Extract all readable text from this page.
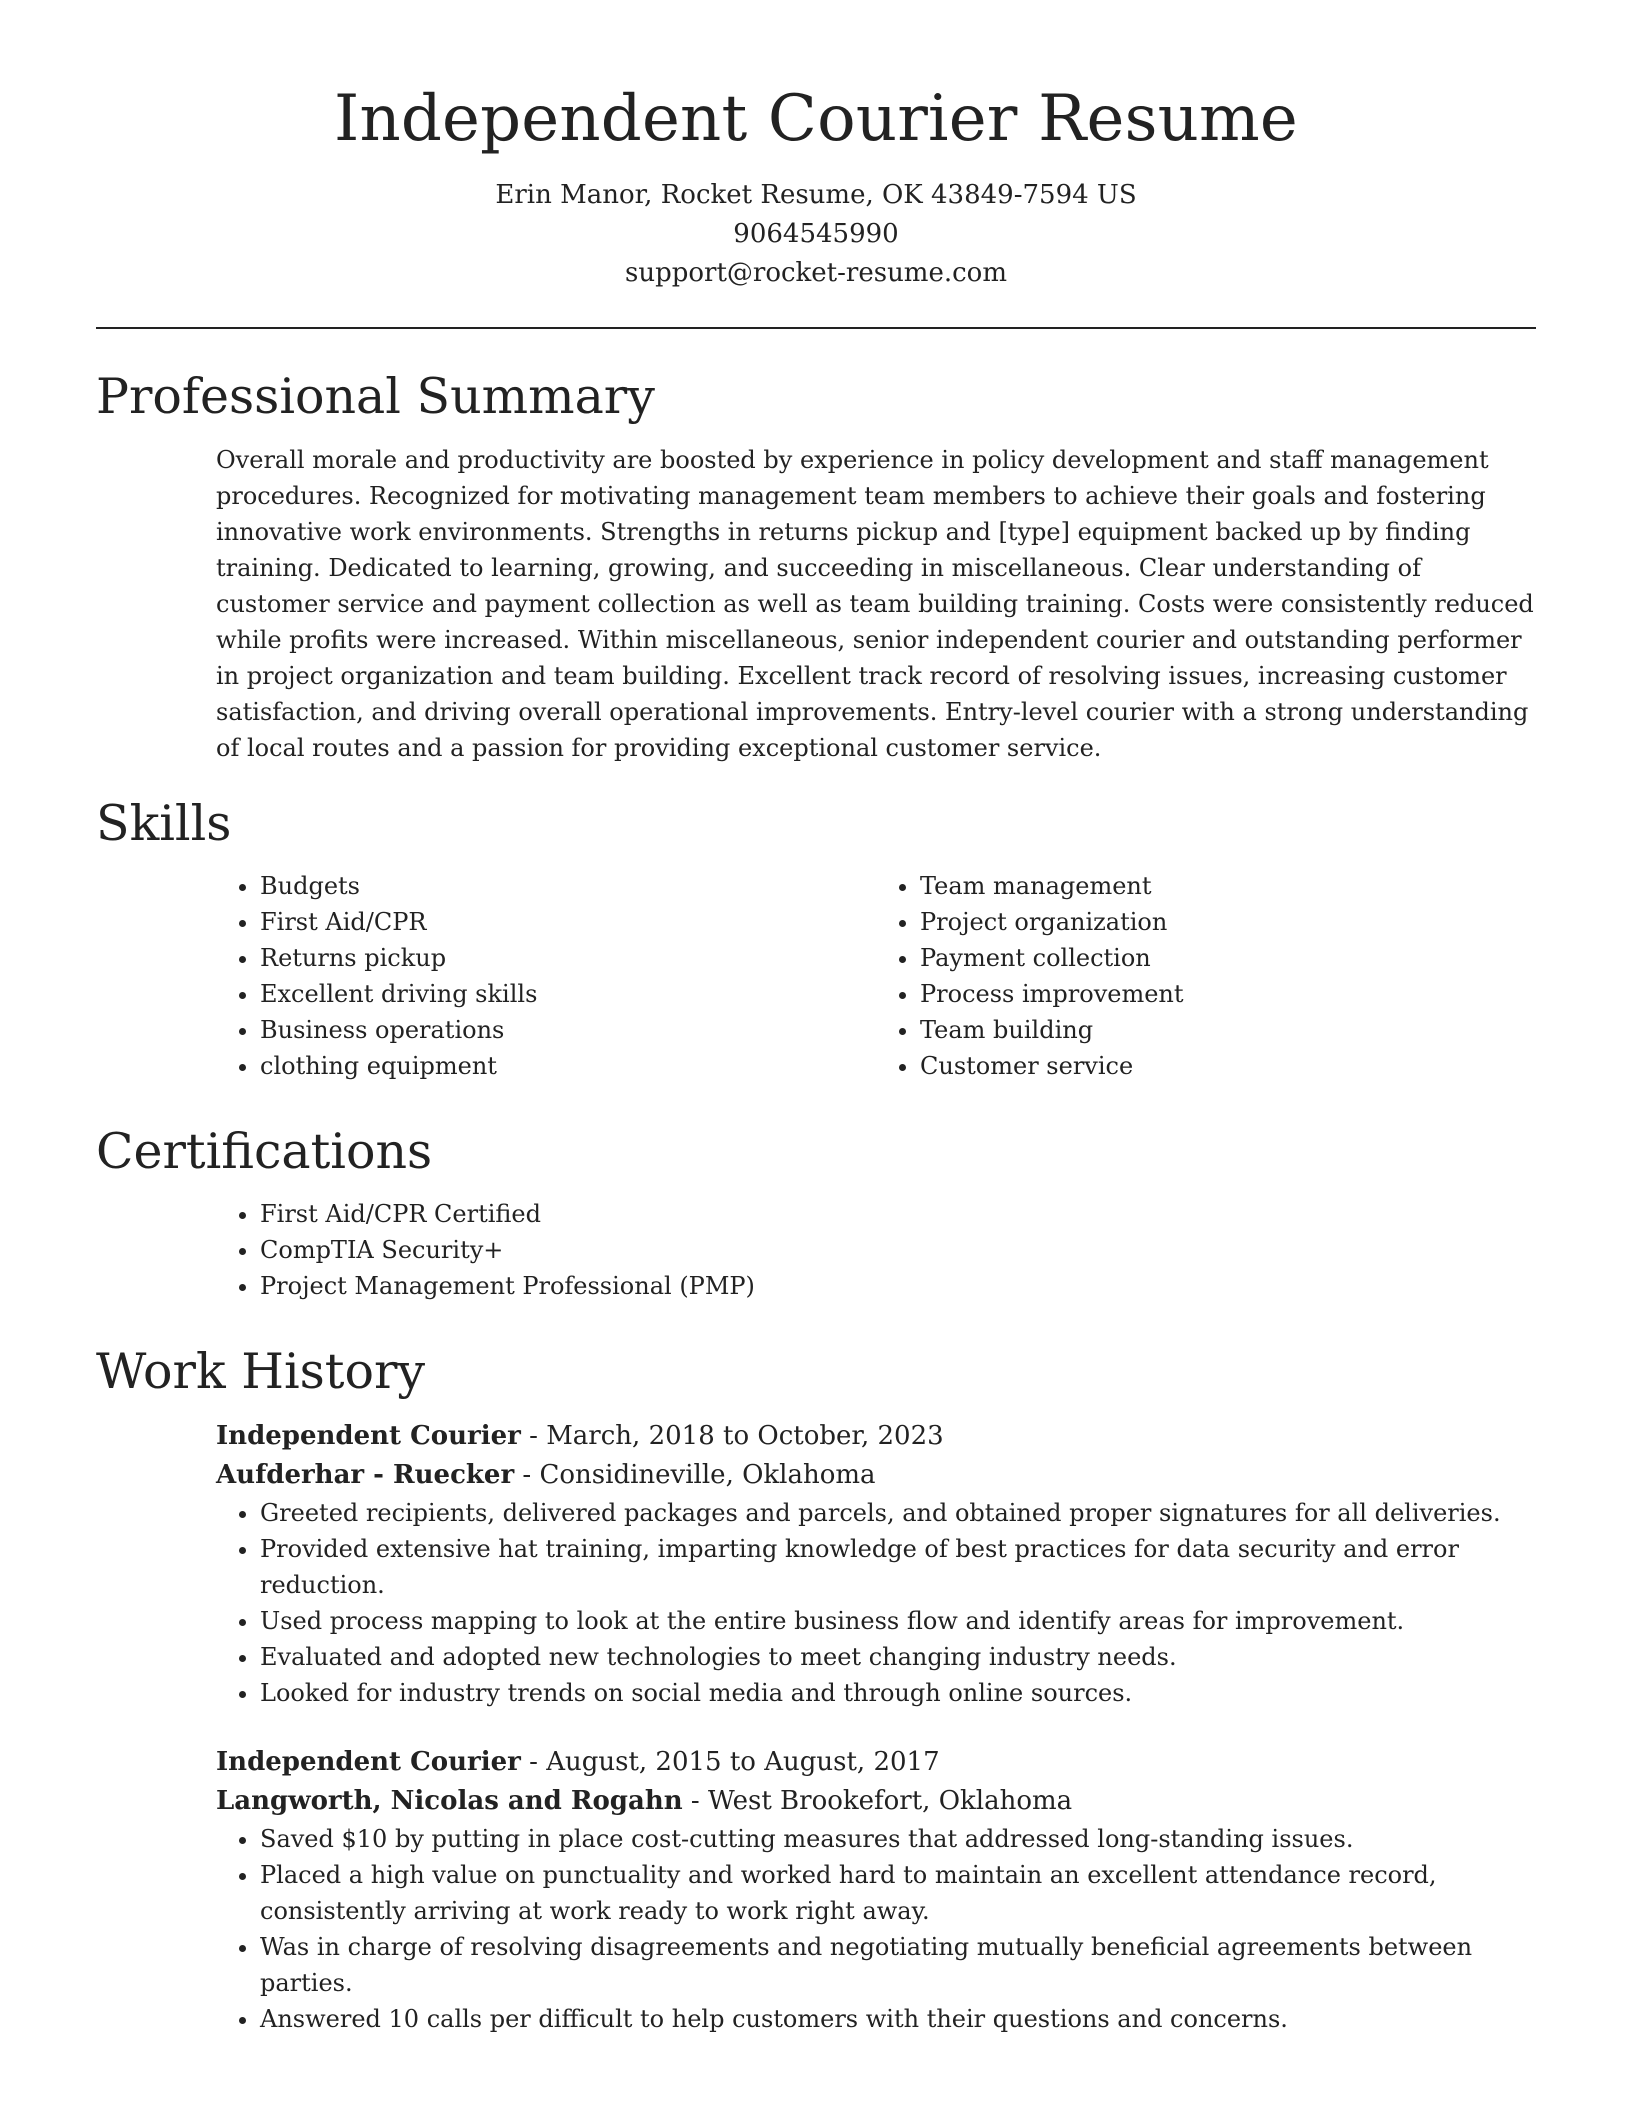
Independent Courier Resume
Erin Manor, Rocket Resume, OK 43849-7594 US
9064545990
support@rocket-resume.com
Professional Summary

Overall morale and productivity are boosted by experience in policy development and staff management procedures. Recognized for motivating management team members to achieve their goals and fostering innovative work environments. Strengths in returns pickup and [type] equipment backed up by finding training. Dedicated to learning, growing, and succeeding in miscellaneous. Clear understanding of customer service and payment collection as well as team building training. Costs were consistently reduced while profits were increased. Within miscellaneous, senior independent courier and outstanding performer in project organization and team building. Excellent track record of resolving issues, increasing customer satisfaction, and driving overall operational improvements. Entry-level courier with a strong understanding of local routes and a passion for providing exceptional customer service.

Skills
• Budgets
• First Aid/CPR
• Returns pickup
• Excellent driving skills
• Business operations
• clothing equipment
• Team management
• Project organization
• Payment collection
• Process improvement
• Team building
• Customer service
Certifications
• First Aid/CPR Certified
• CompTIA Security+
• Project Management Professional (PMP)
Work History
Independent Courier - March, 2018 to October, 2023
Aufderhar - Ruecker - Considineville, Oklahoma
• Greeted recipients, delivered packages and parcels, and obtained proper signatures for all deliveries.
• Provided extensive hat training, imparting knowledge of best practices for data security and error reduction.
• Used process mapping to look at the entire business flow and identify areas for improvement.
• Evaluated and adopted new technologies to meet changing industry needs.
• Looked for industry trends on social media and through online sources.
Independent Courier - August, 2015 to August, 2017
Langworth, Nicolas and Rogahn - West Brookefort, Oklahoma
• Saved $10 by putting in place cost-cutting measures that addressed long-standing issues.
• Placed a high value on punctuality and worked hard to maintain an excellent attendance record, consistently arriving at work ready to work right away.
• Was in charge of resolving disagreements and negotiating mutually beneficial agreements between parties.
• Answered 10 calls per difficult to help customers with their questions and concerns.
